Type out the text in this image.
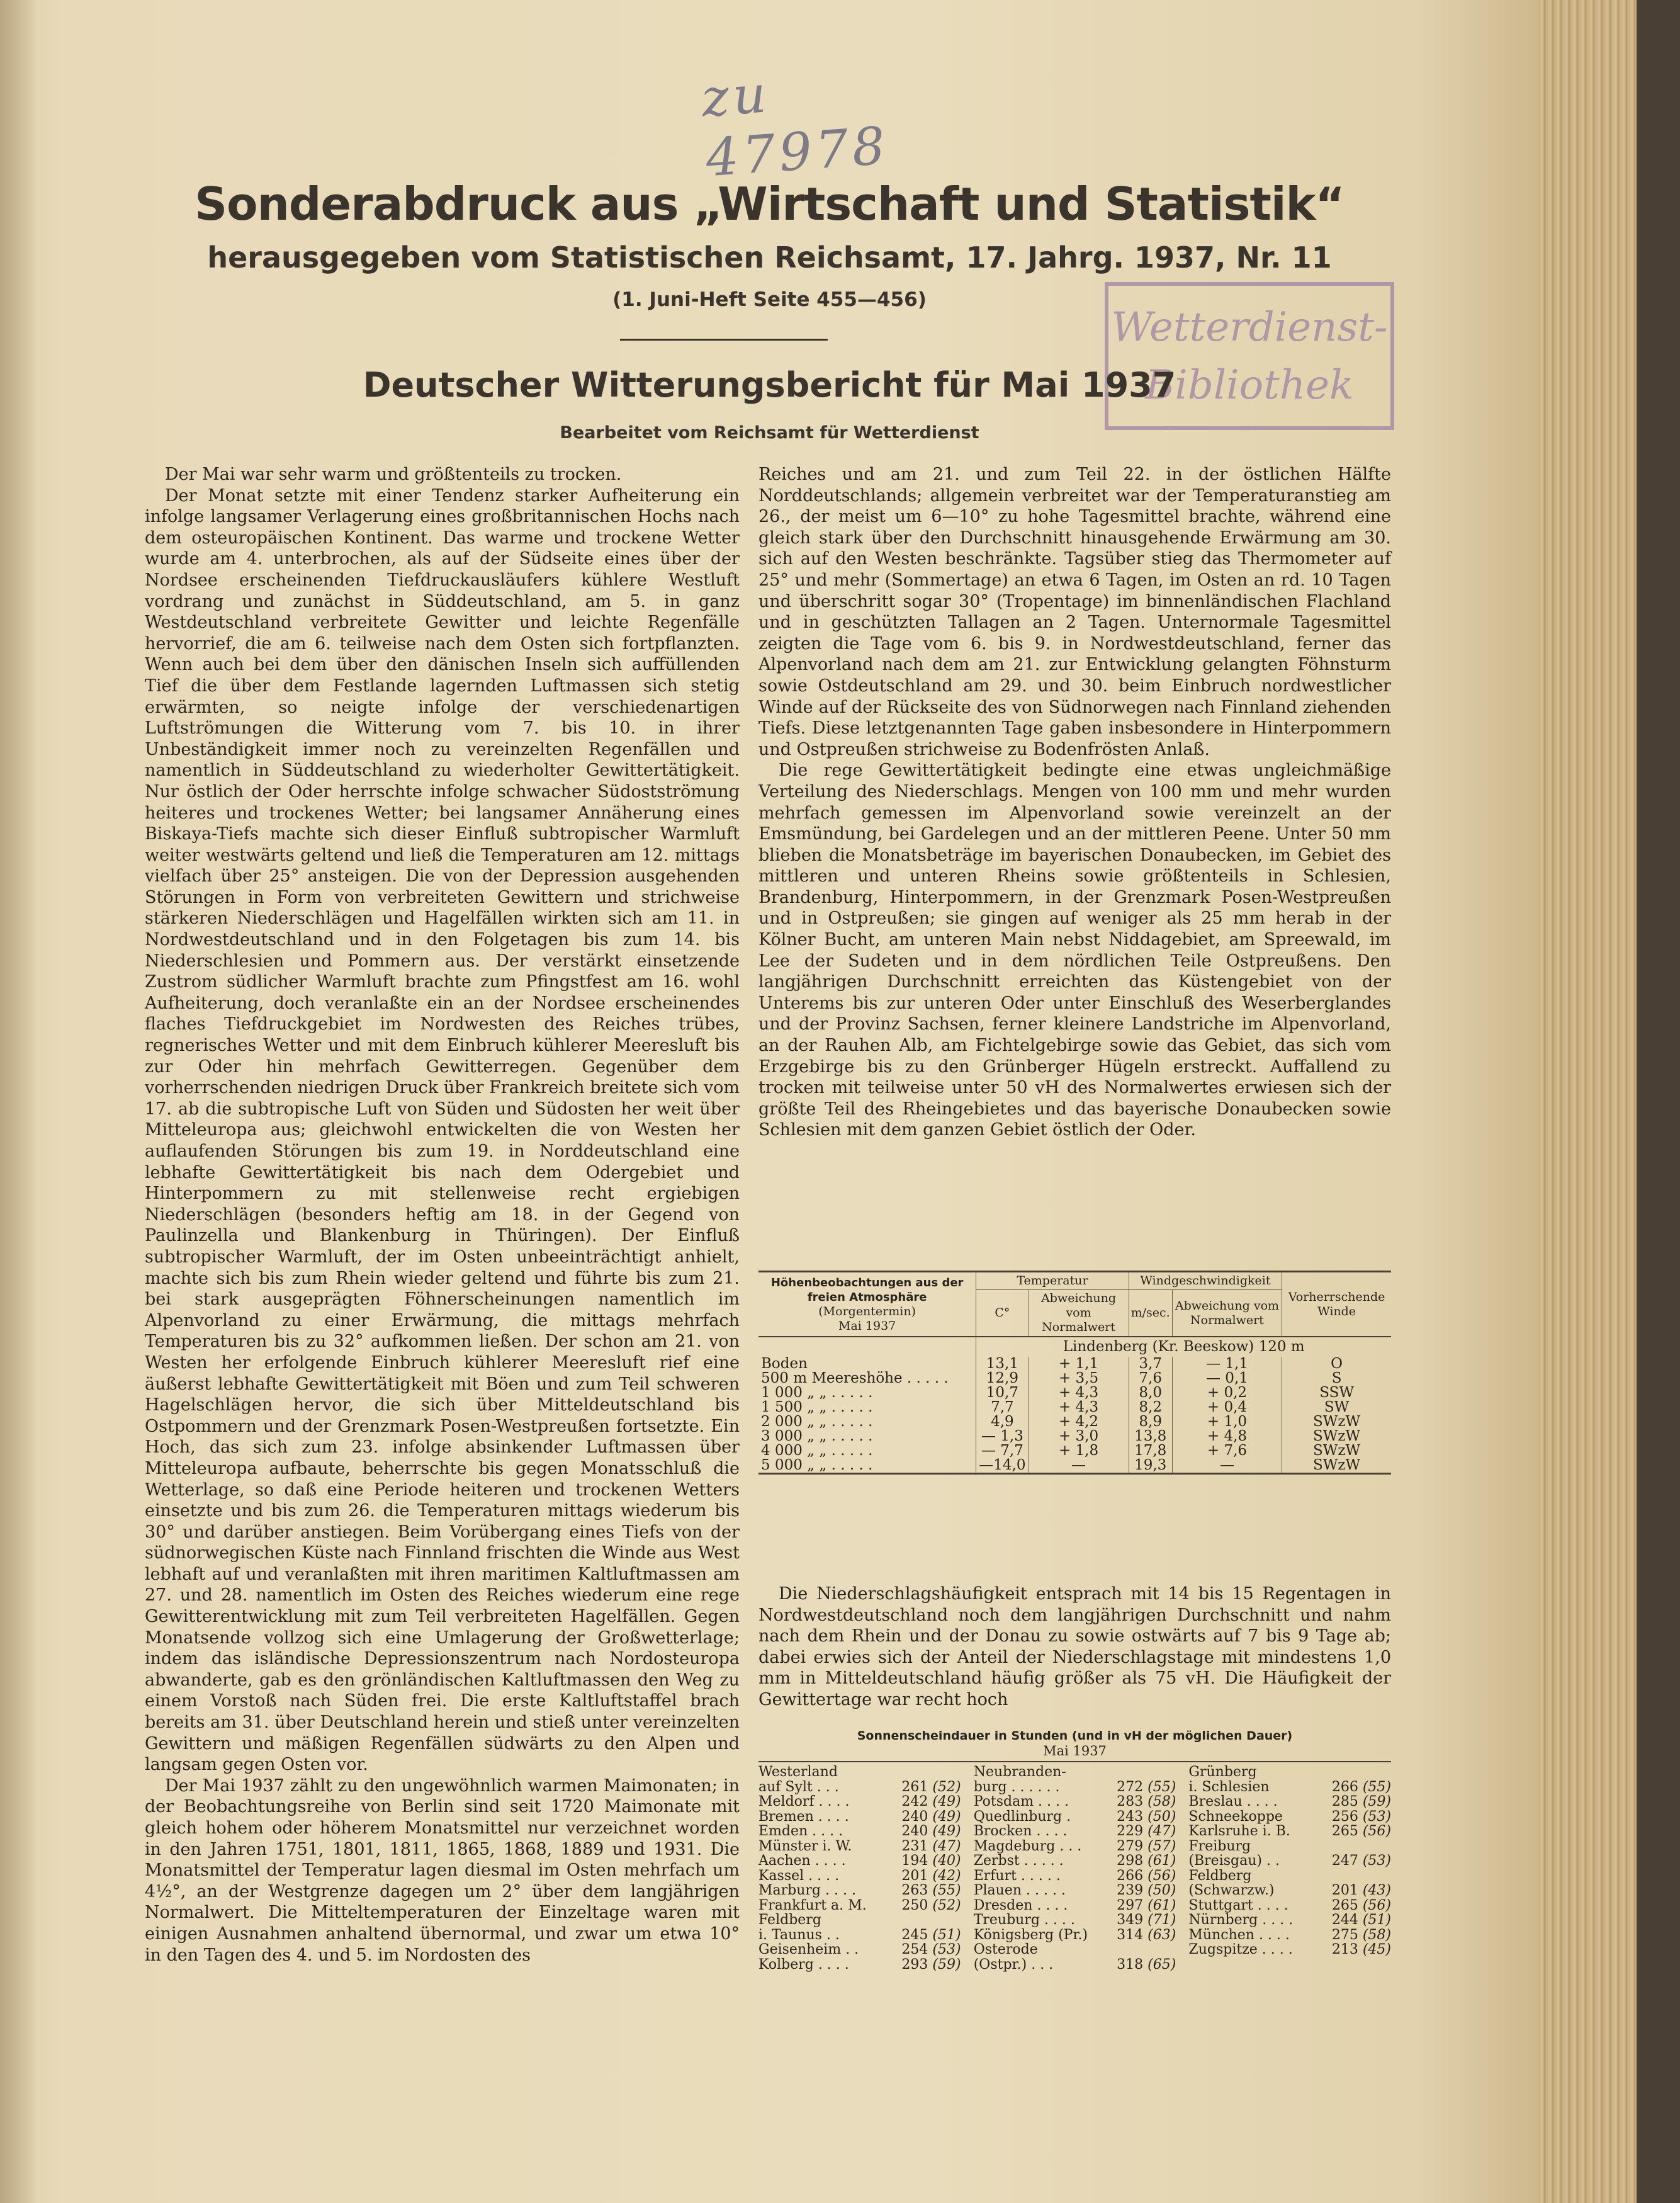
zu 47978
Wetterdienst-
Bibliothek
Sonderabdruck aus „Wirtschaft und Statistik“
herausgegeben vom Statistischen Reichsamt, 17. Jahrg. 1937, Nr. 11
(1. Juni-Heft Seite 455—456)
Deutscher Witterungsbericht für Mai 1937
Bearbeitet vom Reichsamt für Wetterdienst

Der Mai war sehr warm und größtenteils zu trocken.

Der Monat setzte mit einer Tendenz starker Aufheiterung ein infolge langsamer Verlagerung eines großbritannischen Hochs nach dem osteuropäischen Kontinent. Das warme und trockene Wetter wurde am 4. unterbrochen, als auf der Südseite eines über der Nordsee erscheinenden Tiefdruckausläufers kühlere Westluft vordrang und zunächst in Süddeutschland, am 5. in ganz Westdeutschland verbreitete Gewitter und leichte Regenfälle hervorrief, die am 6. teilweise nach dem Osten sich fortpflanzten. Wenn auch bei dem über den dänischen Inseln sich auffüllenden Tief die über dem Festlande lagernden Luftmassen sich stetig erwärmten, so neigte infolge der verschiedenartigen Luftströmungen die Witterung vom 7. bis 10. in ihrer Unbeständigkeit immer noch zu vereinzelten Regenfällen und namentlich in Süddeutschland zu wiederholter Gewittertätigkeit. Nur östlich der Oder herrschte infolge schwacher Südostströmung heiteres und trockenes Wetter; bei langsamer Annäherung eines Biskaya-Tiefs machte sich dieser Einfluß subtropischer Warmluft weiter westwärts geltend und ließ die Temperaturen am 12. mittags vielfach über 25° ansteigen. Die von der Depression ausgehenden Störungen in Form von verbreiteten Gewittern und strichweise stärkeren Niederschlägen und Hagelfällen wirkten sich am 11. in Nordwestdeutschland und in den Folgetagen bis zum 14. bis Niederschlesien und Pommern aus. Der verstärkt einsetzende Zustrom südlicher Warmluft brachte zum Pfingstfest am 16. wohl Aufheiterung, doch veranlaßte ein an der Nordsee erscheinendes flaches Tiefdruckgebiet im Nordwesten des Reiches trübes, regnerisches Wetter und mit dem Einbruch kühlerer Meeresluft bis zur Oder hin mehrfach Gewitterregen. Gegenüber dem vorherrschenden niedrigen Druck über Frankreich breitete sich vom 17. ab die subtropische Luft von Süden und Südosten her weit über Mitteleuropa aus; gleichwohl entwickelten die von Westen her auflaufenden Störungen bis zum 19. in Norddeutschland eine lebhafte Gewittertätigkeit bis nach dem Odergebiet und Hinterpommern zu mit stellenweise recht ergiebigen Niederschlägen (besonders heftig am 18. in der Gegend von Paulinzella und Blankenburg in Thüringen). Der Einfluß subtropischer Warmluft, der im Osten unbeeinträchtigt anhielt, machte sich bis zum Rhein wieder geltend und führte bis zum 21. bei stark ausgeprägten Föhnerscheinungen namentlich im Alpenvorland zu einer Erwärmung, die mittags mehrfach Temperaturen bis zu 32° aufkommen ließen. Der schon am 21. von Westen her erfolgende Einbruch kühlerer Meeresluft rief eine äußerst lebhafte Gewittertätigkeit mit Böen und zum Teil schweren Hagelschlägen hervor, die sich über Mitteldeutschland bis Ostpommern und der Grenzmark Posen-Westpreußen fortsetzte. Ein Hoch, das sich zum 23. infolge absinkender Luftmassen über Mitteleuropa aufbaute, beherrschte bis gegen Monatsschluß die Wetterlage, so daß eine Periode heiteren und trockenen Wetters einsetzte und bis zum 26. die Temperaturen mittags wiederum bis 30° und darüber anstiegen. Beim Vorübergang eines Tiefs von der südnorwegischen Küste nach Finnland frischten die Winde aus West lebhaft auf und veranlaßten mit ihren maritimen Kaltluftmassen am 27. und 28. namentlich im Osten des Reiches wiederum eine rege Gewitterentwicklung mit zum Teil verbreiteten Hagelfällen. Gegen Monatsende vollzog sich eine Umlagerung der Großwetterlage; indem das isländische Depressionszentrum nach Nordosteuropa abwanderte, gab es den grönländischen Kaltluftmassen den Weg zu einem Vorstoß nach Süden frei. Die erste Kaltluftstaffel brach bereits am 31. über Deutschland herein und stieß unter vereinzelten Gewittern und mäßigen Regenfällen südwärts zu den Alpen und langsam gegen Osten vor.

Der Mai 1937 zählt zu den ungewöhnlich warmen Maimonaten; in der Beobachtungsreihe von Berlin sind seit 1720 Maimonate mit gleich hohem oder höherem Monatsmittel nur verzeichnet worden in den Jahren 1751, 1801, 1811, 1865, 1868, 1889 und 1931. Die Monatsmittel der Temperatur lagen diesmal im Osten mehrfach um 4½°, an der Westgrenze dagegen um 2° über dem langjährigen Normalwert. Die Mitteltemperaturen der Einzeltage waren mit einigen Ausnahmen anhaltend übernormal, und zwar um etwa 10° in den Tagen des 4. und 5. im Nordosten des

Reiches und am 21. und zum Teil 22. in der östlichen Hälfte Norddeutschlands; allgemein verbreitet war der Temperaturanstieg am 26., der meist um 6—10° zu hohe Tagesmittel brachte, während eine gleich stark über den Durchschnitt hinausgehende Erwärmung am 30. sich auf den Westen beschränkte. Tagsüber stieg das Thermometer auf 25° und mehr (Sommertage) an etwa 6 Tagen, im Osten an rd. 10 Tagen und überschritt sogar 30° (Tropentage) im binnenländischen Flachland und in geschützten Tallagen an 2 Tagen. Unternormale Tagesmittel zeigten die Tage vom 6. bis 9. in Nordwestdeutschland, ferner das Alpenvorland nach dem am 21. zur Entwicklung gelangten Föhnsturm sowie Ostdeutschland am 29. und 30. beim Einbruch nordwestlicher Winde auf der Rückseite des von Südnorwegen nach Finnland ziehenden Tiefs. Diese letztgenannten Tage gaben insbesondere in Hinterpommern und Ostpreußen strichweise zu Bodenfrösten Anlaß.

Die rege Gewittertätigkeit bedingte eine etwas ungleichmäßige Verteilung des Niederschlags. Mengen von 100 mm und mehr wurden mehrfach gemessen im Alpenvorland sowie vereinzelt an der Emsmündung, bei Gardelegen und an der mittleren Peene. Unter 50 mm blieben die Monatsbeträge im bayerischen Donaubecken, im Gebiet des mittleren und unteren Rheins sowie größtenteils in Schlesien, Brandenburg, Hinterpommern, in der Grenzmark Posen-Westpreußen und in Ostpreußen; sie gingen auf weniger als 25 mm herab in der Kölner Bucht, am unteren Main nebst Niddagebiet, am Spreewald, im Lee der Sudeten und in dem nördlichen Teile Ostpreußens. Den langjährigen Durchschnitt erreichten das Küstengebiet von der Unterems bis zur unteren Oder unter Einschluß des Weserberglandes und der Provinz Sachsen, ferner kleinere Landstriche im Alpenvorland, an der Rauhen Alb, am Fichtelgebirge sowie das Gebiet, das sich vom Erzgebirge bis zu den Grünberger Hügeln erstreckt. Auffallend zu trocken mit teilweise unter 50 vH des Normalwertes erwiesen sich der größte Teil des Rheingebietes und das bayerische Donaubecken sowie Schlesien mit dem ganzen Gebiet östlich der Oder.

Höhenbeobachtungen aus der freien Atmosphäre
(Morgentermin)
Mai 1937	Temperatur		Windgeschwindigkeit		Vorherrschende Winde
	C°	Abweichung vom Normalwert	m/sec.	Abweichung vom Normalwert	
	Lindenberg (Kr. Beeskow) 120 m				
Boden	13,1	+ 1,1	3,7	— 1,1	O
500 m Meereshöhe . . . . .	12,9	+ 3,5	7,6	— 0,1	S
1 000 „ „ . . . . .	10,7	+ 4,3	8,0	+ 0,2	SSW
1 500 „ „ . . . . .	7,7	+ 4,3	8,2	+ 0,4	SW
2 000 „ „ . . . . .	4,9	+ 4,2	8,9	+ 1,0	SWzW
3 000 „ „ . . . . .	— 1,3	+ 3,0	13,8	+ 4,8	SWzW
4 000 „ „ . . . . .	— 7,7	+ 1,8	17,8	+ 7,6	SWzW
5 000 „ „ . . . . .	—14,0	—	19,3	—	SWzW

Die Niederschlagshäufigkeit entsprach mit 14 bis 15 Regentagen in Nordwestdeutschland noch dem langjährigen Durchschnitt und nahm nach dem Rhein und der Donau zu sowie ostwärts auf 7 bis 9 Tage ab; dabei erwies sich der Anteil der Niederschlagstage mit mindestens 1,0 mm in Mitteldeutschland häufig größer als 75 vH. Die Häufigkeit der Gewittertage war recht hoch

Sonnenscheindauer in Stunden (und in vH der möglichen Dauer)
Mai 1937
Westerland
auf Sylt . . .	261 (52)
Meldorf . . . .	242 (49)
Bremen . . . .	240 (49)
Emden . . . .	240 (49)
Münster i. W.	231 (47)
Aachen . . . .	194 (40)
Kassel . . . .	201 (42)
Marburg . . . .	263 (55)
Frankfurt a. M.	250 (52)
Feldberg
i. Taunus . .	245 (51)
Geisenheim . .	254 (53)
Kolberg . . . .	293 (59)
Neubranden-
burg . . . . . .	272 (55)
Potsdam . . . .	283 (58)
Quedlinburg .	243 (50)
Brocken . . . .	229 (47)
Magdeburg . . .	279 (57)
Zerbst . . . . .	298 (61)
Erfurt . . . . .	266 (56)
Plauen . . . . .	239 (50)
Dresden . . . .	297 (61)
Treuburg . . . .	349 (71)
Königsberg (Pr.) 314 (63)
Osterode
(Ostpr.) . . .	318 (65)
Grünberg
i. Schlesien	266 (55)
Breslau . . . .	285 (59)
Schneekoppe	256 (53)
Karlsruhe i. B.	265 (56)
Freiburg
(Breisgau) . .	247 (53)
Feldberg
(Schwarzw.)	201 (43)
Stuttgart . . . .	265 (56)
Nürnberg . . . .	244 (51)
München . . . .	275 (58)
Zugspitze . . . .	213 (45)
